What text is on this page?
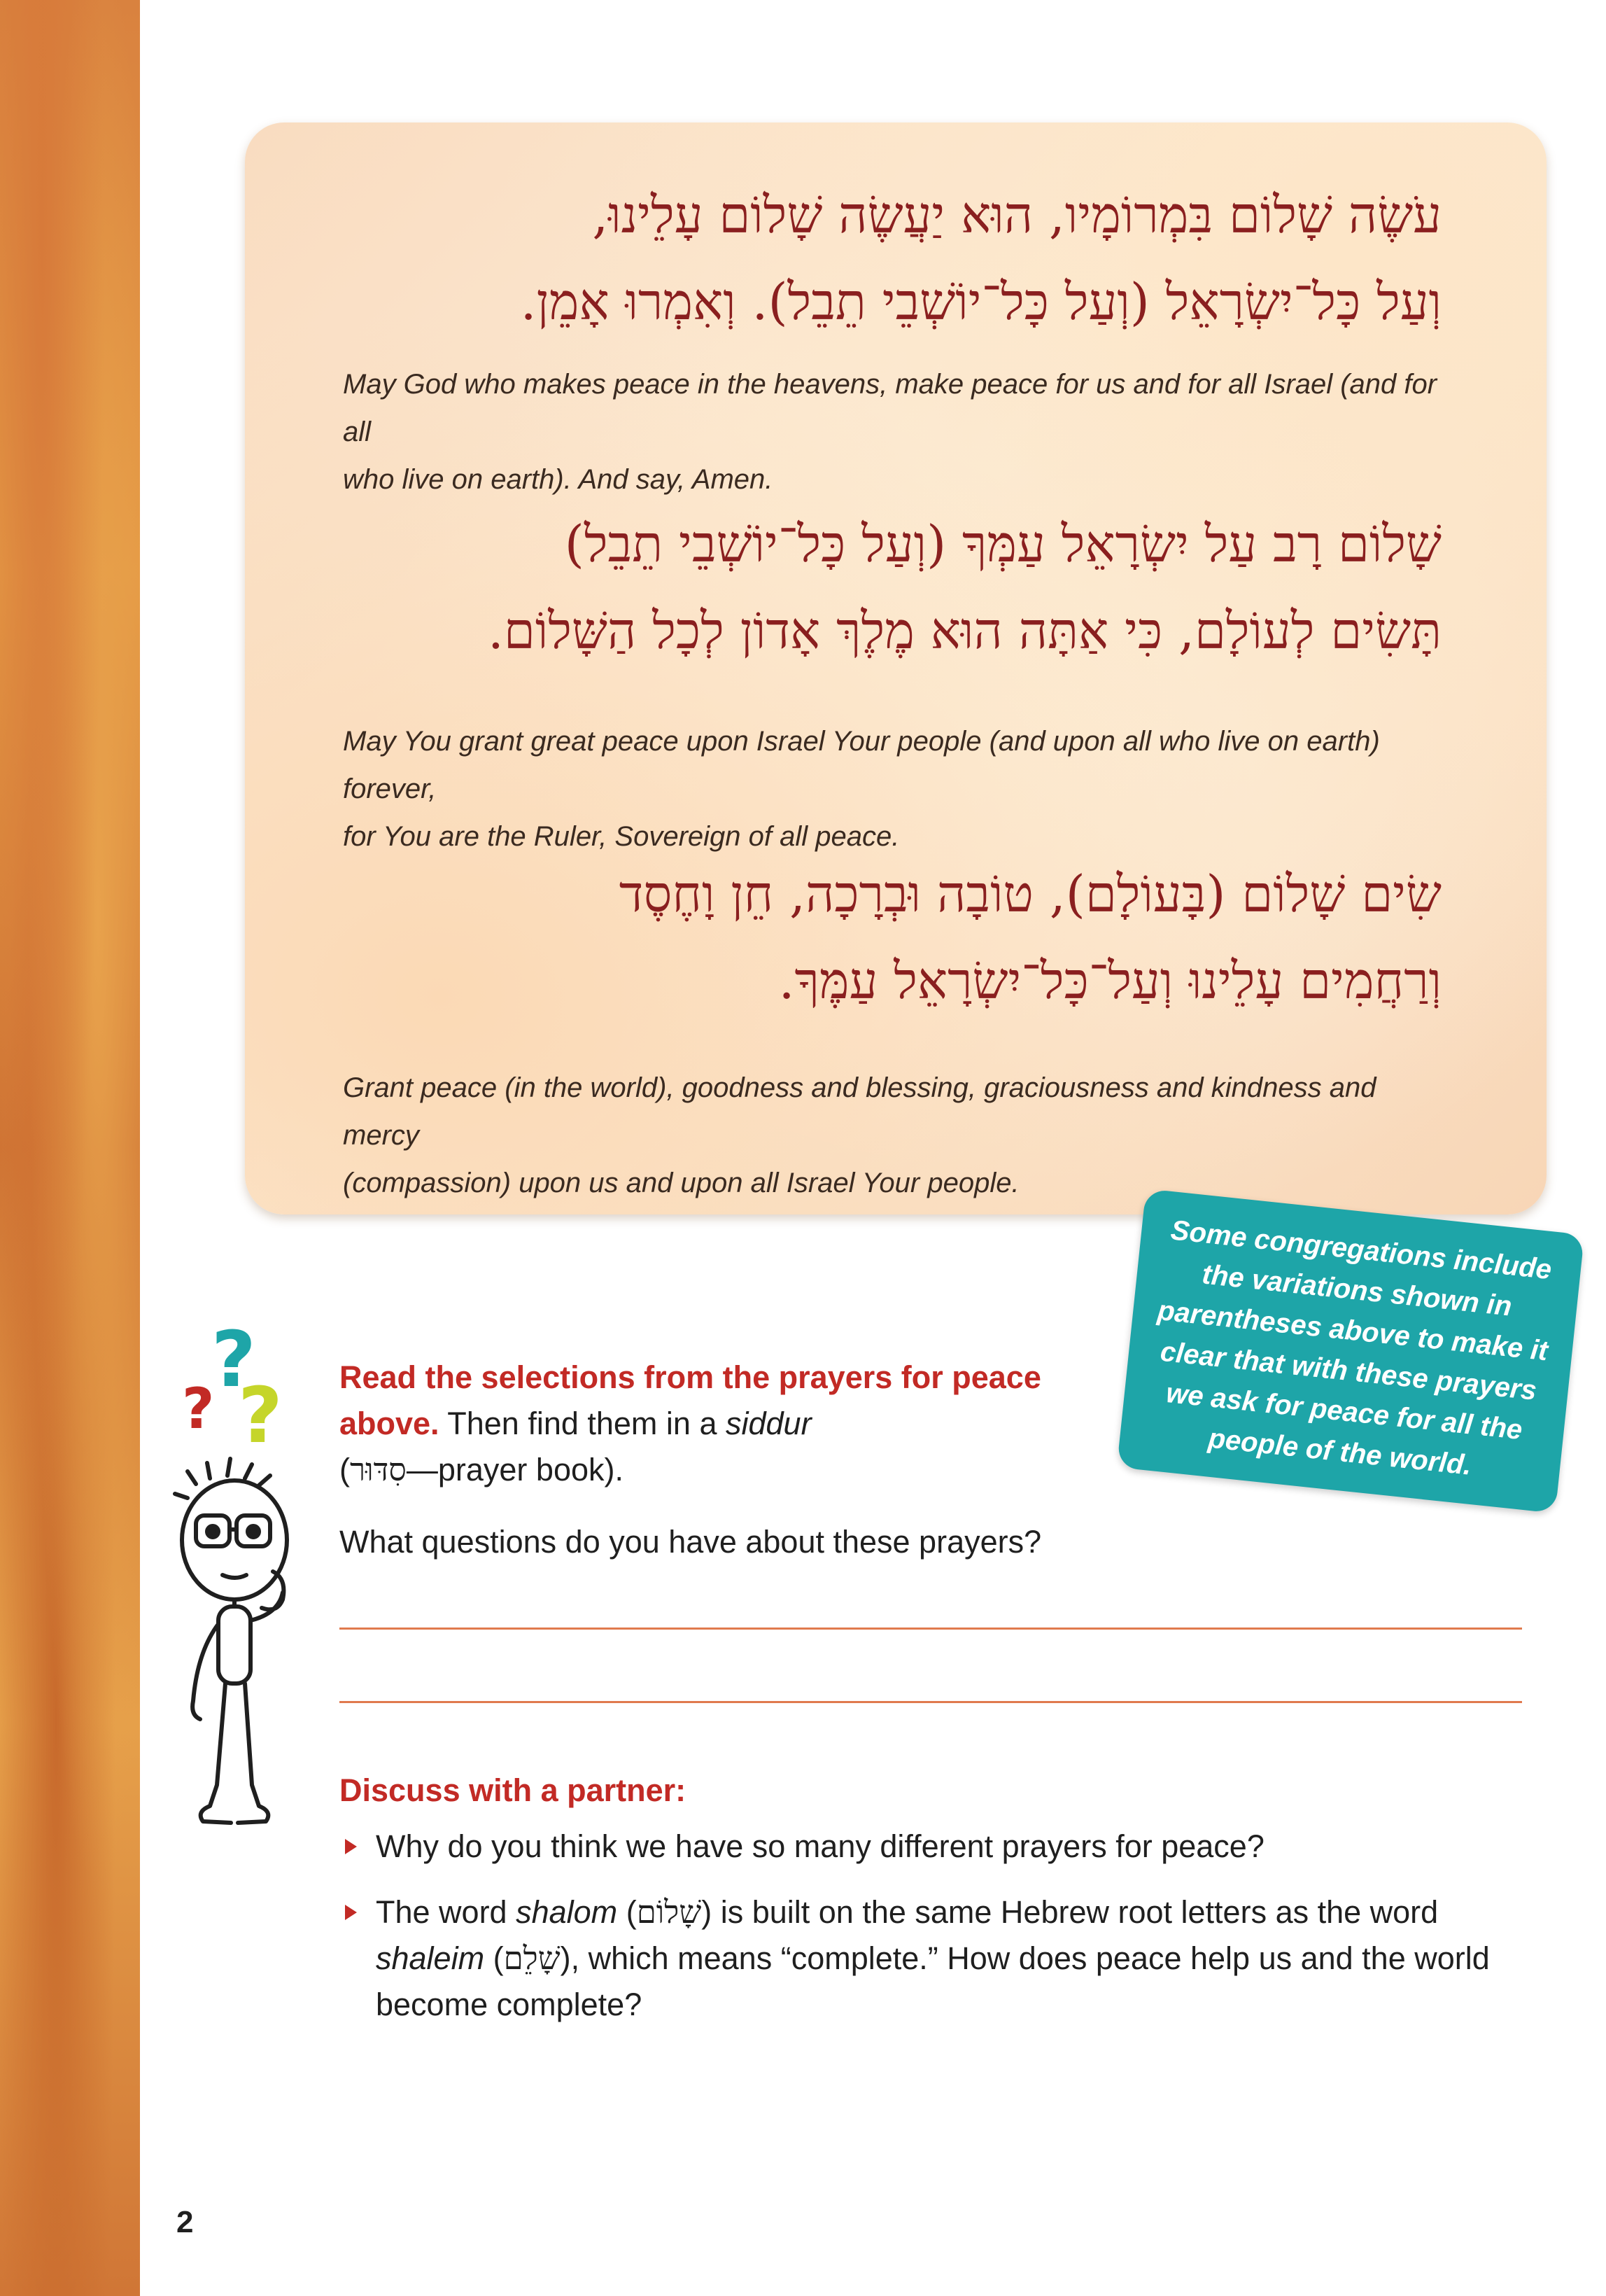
עֹשֶׂה שָׁלוֹם בִּמְרוֹמָיו, הוּא יַעֲשֶׂה שָׁלוֹם עָלֵינוּ,
וְעַל כָּל־יִשְׂרָאֵל (וְעַל כָּל־יוֹשְׁבֵי תֵבֵל). וְאִמְרוּ אָמֵן.

May God who makes peace in the heavens, make peace for us and for all Israel (and for all
who live on earth). And say, Amen.

שָׁלוֹם רָב עַל יִשְׂרָאֵל עַמְּךָ (וְעַל כָּל־יוֹשְׁבֵי תֵבֵל)
תָּשִׂים לְעוֹלָם, כִּי אַתָּה הוּא מֶלֶךְ אָדוֹן לְכָל הַשָּׁלוֹם.

May You grant great peace upon Israel Your people (and upon all who live on earth) forever,
for You are the Ruler, Sovereign of all peace.

שִׂים שָׁלוֹם (בָּעוֹלָם), טוֹבָה וּבְרָכָה, חֵן וָחֶסֶד
וְרַחֲמִים עָלֵינוּ וְעַל־כָּל־יִשְׂרָאֵל עַמֶּךָ.

Grant peace (in the world), goodness and blessing, graciousness and kindness and mercy
(compassion) upon us and upon all Israel Your people.

Some congregations include the variations shown in parentheses above to make it clear that with these prayers we ask for peace for all the people of the world.

?
?
?	Read the selections from the prayers for peace above. Then find them in a siddur
(סִדּוּר—prayer book).

What questions do you have about these prayers?

Discuss with a partner:

Why do you think we have so many different prayers for peace?
The word shalom (שָׁלוֹם) is built on the same Hebrew root letters as the word shaleim (שָׁלֵם), which means “complete.” How does peace help us and the world become complete?

2
